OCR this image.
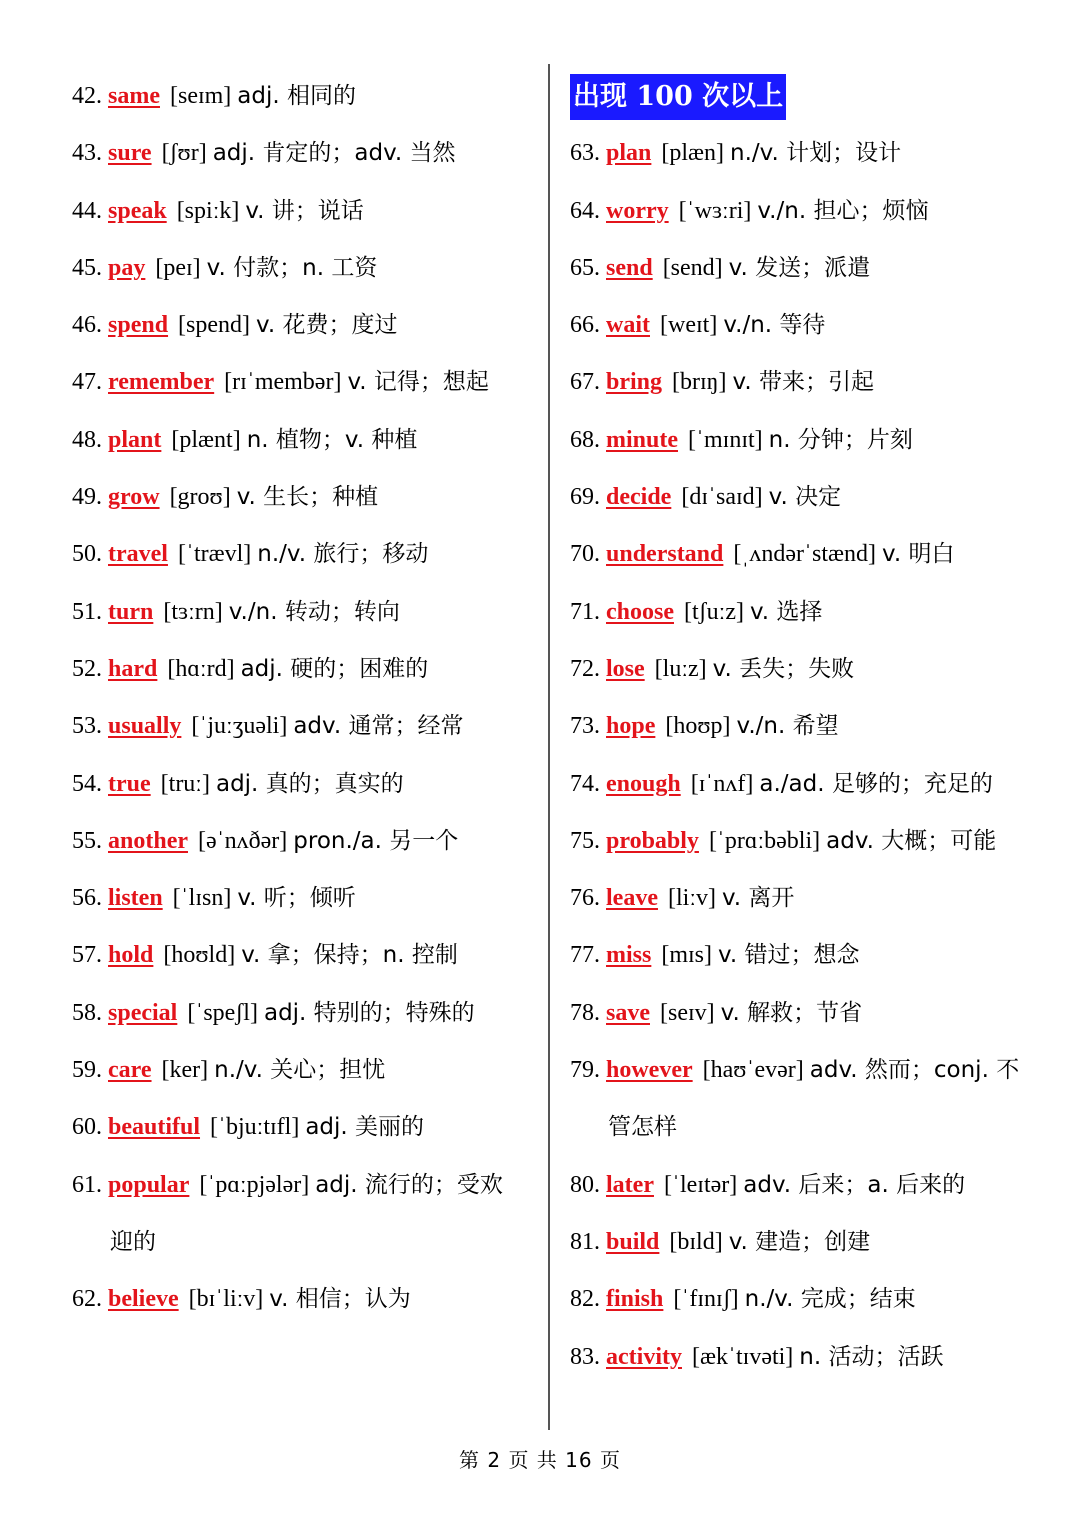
42. same [seɪm] adj. 相同的
43. sure [ʃʊr] adj. 肯定的；adv. 当然
44. speak [spiːk] v. 讲；说话
45. pay [peɪ] v. 付款；n. 工资
46. spend [spend] v. 花费；度过
47. remember [rɪˈmembər] v. 记得；想起
48. plant [plænt] n. 植物；v. 种植
49. grow [groʊ] v. 生长；种植
50. travel [ˈtrævl] n./v. 旅行；移动
51. turn [tɜːrn] v./n. 转动；转向
52. hard [hɑːrd] adj. 硬的；困难的
53. usually [ˈjuːʒuəli] adv. 通常；经常
54. true [truː] adj. 真的；真实的
55. another [əˈnʌðər] pron./a. 另一个
56. listen [ˈlɪsn] v. 听；倾听
57. hold [hoʊld] v. 拿；保持；n. 控制
58. special [ˈspeʃl] adj. 特别的；特殊的
59. care [ker] n./v. 关心；担忧
60. beautiful [ˈbjuːtɪfl] adj. 美丽的
61. popular [ˈpɑːpjələr] adj. 流行的；受欢
迎的
62. believe [bɪˈliːv] v. 相信；认为
出现 100 次以上
63. plan [plæn] n./v. 计划；设计
64. worry [ˈwɜːri] v./n. 担心；烦恼
65. send [send] v. 发送；派遣
66. wait [weɪt] v./n. 等待
67. bring [brɪŋ] v. 带来；引起
68. minute [ˈmɪnɪt] n. 分钟；片刻
69. decide [dɪˈsaɪd] v. 决定
70. understand [ˌʌndərˈstænd] v. 明白
71. choose [tʃuːz] v. 选择
72. lose [luːz] v. 丢失；失败
73. hope [hoʊp] v./n. 希望
74. enough [ɪˈnʌf] a./ad. 足够的；充足的
75. probably [ˈprɑːbəbli] adv. 大概；可能
76. leave [liːv] v. 离开
77. miss [mɪs] v. 错过；想念
78. save [seɪv] v. 解救；节省
79. however [haʊˈevər] adv. 然而；conj. 不
管怎样
80. later [ˈleɪtər] adv. 后来；a. 后来的
81. build [bɪld] v. 建造；创建
82. finish [ˈfɪnɪʃ] n./v. 完成；结束
83. activity [ækˈtɪvəti] n. 活动；活跃
第 2 页 共 16 页
